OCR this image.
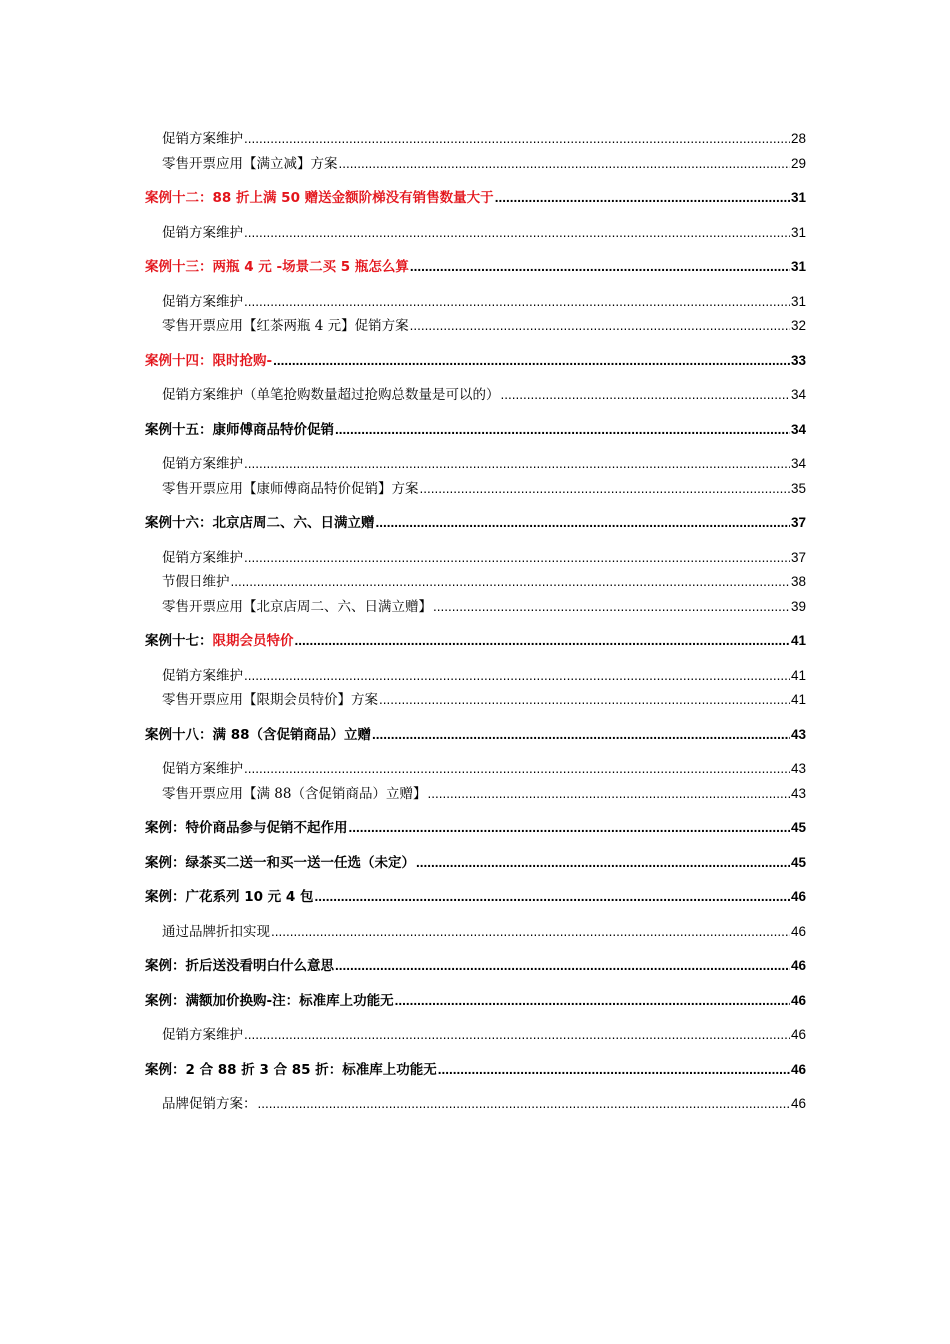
促销方案维护 .....	28
零售开票应用【满立减】方案 .....	29
案例十二：88 折上满 50 赠送金额阶梯没有销售数量大于 .....	31
促销方案维护 .....	31
案例十三：两瓶 4 元 -场景二买 5 瓶怎么算 .....	31
促销方案维护 .....	31
零售开票应用【红茶两瓶 4 元】促销方案 .....	32
案例十四：限时抢购- .....	33
促销方案维护（单笔抢购数量超过抢购总数量是可以的） .....	34
案例十五：康师傅商品特价促销 .....	34
促销方案维护 .....	34
零售开票应用【康师傅商品特价促销】方案 .....	35
案例十六：北京店周二、六、日满立赠 .....	37
促销方案维护 .....	37
节假日维护 .....	38
零售开票应用【北京店周二、六、日满立赠】 .....	39
案例十七：限期会员特价 .....	41
促销方案维护 .....	41
零售开票应用【限期会员特价】方案 .....	41
案例十八：满 88（含促销商品）立赠 .....	43
促销方案维护 .....	43
零售开票应用【满 88（含促销商品）立赠】 .....	43
案例：特价商品参与促销不起作用 .....	45
案例：绿茶买二送一和买一送一任选（未定） .....	45
案例：广花系列 10 元 4 包 .....	46
通过品牌折扣实现 .....	46
案例：折后送没看明白什么意思 .....	46
案例：满额加价换购-注：标准库上功能无 .....	46
促销方案维护 .....	46
案例：2 合 88 折 3 合 85 折：标准库上功能无 .....	46
品牌促销方案： .....	46
